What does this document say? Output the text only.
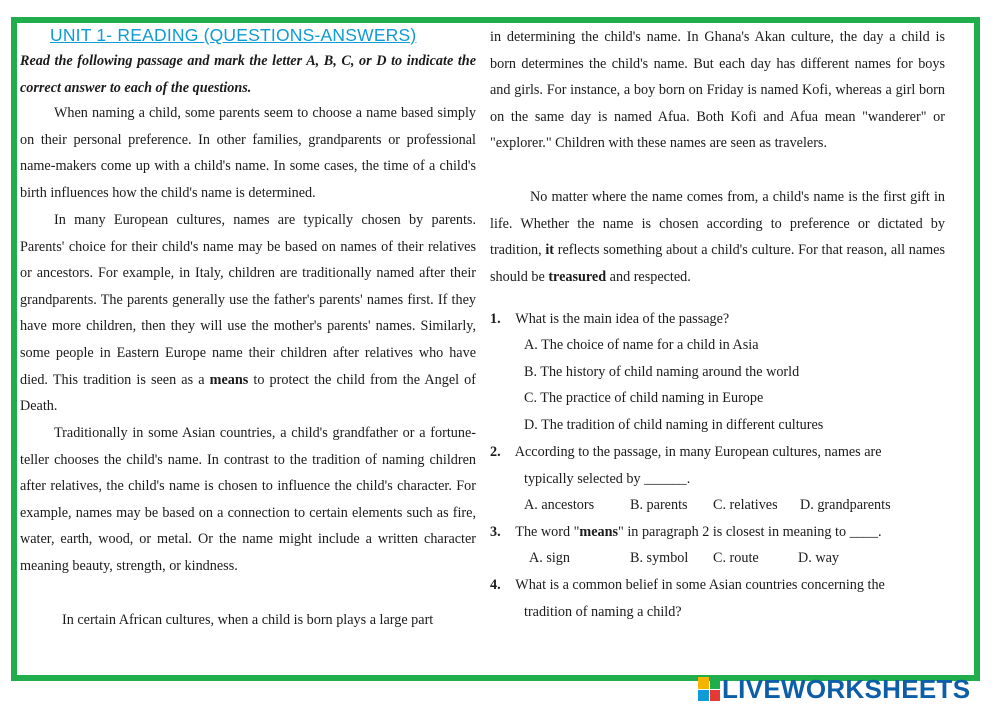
UNIT 1- READING (QUESTIONS-ANSWERS)
Read the following passage and mark the letter A, B, C, or D to indicate the correct answer to each of the questions.

When naming a child, some parents seem to choose a name based simply on their personal preference. In other families, grandparents or professional name-makers come up with a child's name. In some cases, the time of a child's birth influences how the child's name is determined.

In many European cultures, names are typically chosen by parents. Parents' choice for their child's name may be based on names of their relatives or ancestors. For example, in Italy, children are traditionally named after their grandparents. The parents generally use the father's parents' names first. If they have more children, then they will use the mother's parents' names. Similarly, some people in Eastern Europe name their children after relatives who have died. This tradition is seen as a means to protect the child from the Angel of Death.

Traditionally in some Asian countries, a child's grandfather or a fortune-teller chooses the child's name. In contrast to the tradition of naming children after relatives, the child's name is chosen to influence the child's character. For example, names may be based on a connection to certain elements such as fire, water, earth, wood, or metal. Or the name might include a written character meaning beauty, strength, or kindness.

In certain African cultures, when a child is born plays a large part

in determining the child's name. In Ghana's Akan culture, the day a child is born determines the child's name. But each day has different names for boys and girls. For instance, a boy born on Friday is named Kofi, whereas a girl born on the same day is named Afua. Both Kofi and Afua mean "wanderer" or "explorer." Children with these names are seen as travelers.

No matter where the name comes from, a child's name is the first gift in life. Whether the name is chosen according to preference or dictated by tradition, it reflects something about a child's culture. For that reason, all names should be treasured and respected.

1. What is the main idea of the passage?
A. The choice of name for a child in Asia
B. The history of child naming around the world
C. The practice of child naming in Europe
D. The tradition of child naming in different cultures
2. According to the passage, in many European cultures, names are
typically selected by ______.
A. ancestors	B. parents C. relatives D. grandparents
3. The word "means" in paragraph 2 is closest in meaning to ____.
A. sign	B. symbol C. route	D. way
4. What is a common belief in some Asian countries concerning the
tradition of naming a child?
LIVEWORKSHEETS
